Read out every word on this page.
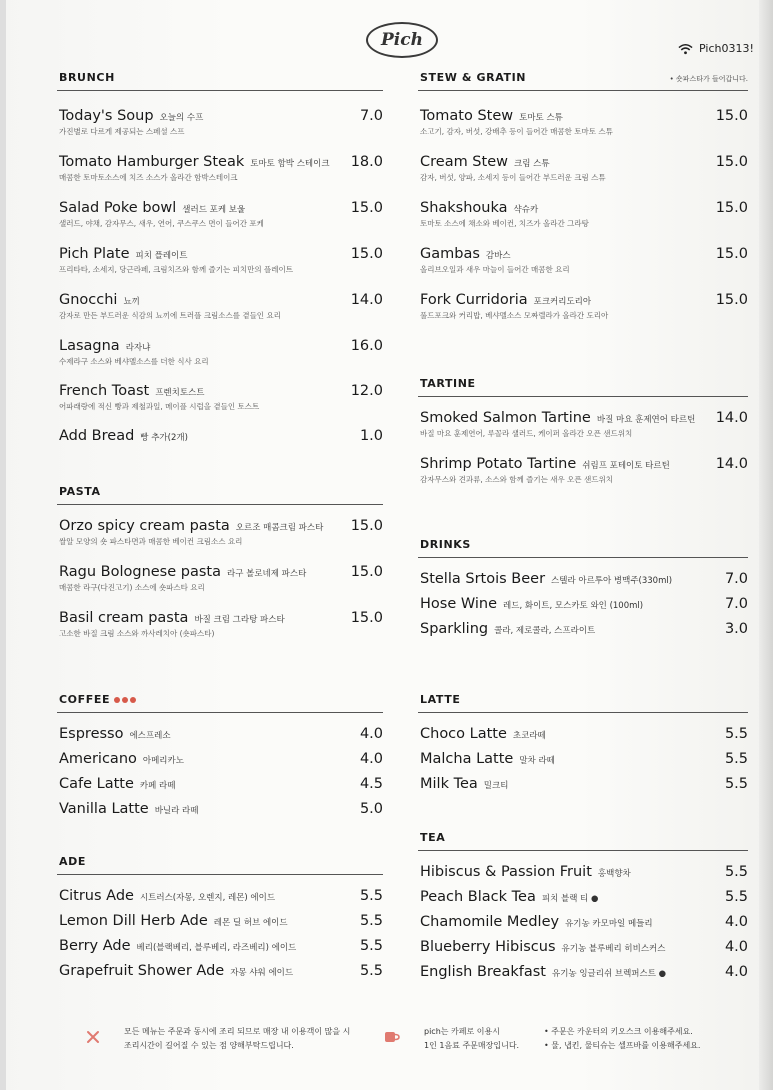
Pich	Pich0313!
BRUNCH
Today's Soup 오늘의 수프	7.0
가진별로 다르게 제공되는 스페셜 스프
Tomato Hamburger Steak 토마토 함박 스테이크 18.0
매콤한 토마토소스에 치즈 소스가 올라간 함박스테이크
Salad Poke bowl 샐러드 포케 보울	15.0
샐러드, 야채, 감자무스, 새우, 연어, 쿠스쿠스 면이 들어간 포케
Pich Plate 피치 플레이트	15.0
프리타타, 소세지, 당근라페, 크림치즈와 함께 즐기는 피치만의 플레이트
Gnocchi 뇨끼	14.0
감자로 만든 부드러운 식감의 뇨끼에 트러플 크림소스를 곁들인 요리
Lasagna 라자냐	16.0
수제라구 소스와 베샤멜소스를 더한 식사 요리
French Toast 프렌치토스트	12.0
어파래랑에 적신 빵과 제철과일, 메이플 시럽을 곁들인 토스트
Add Bread 빵 추가(2개)	1.0
PASTA
Orzo spicy cream pasta 오르조 매콤크림 파스타 15.0
쌀알 모양의 숏 파스타면과 매콤한 베이컨 크림소스 요리
Ragu Bolognese pasta 라구 볼로네제 파스타	15.0
매콤한 라구(다진고기) 소스에 숏파스타 요리
Basil cream pasta 바질 크림 그라탕 파스타	15.0
고소한 바질 크림 소스와 까사레치아 (숏파스타)
COFFEE
Espresso 에스프레소	4.0
Americano 아메리카노	4.0
Cafe Latte 카페 라떼	4.5
Vanilla Latte 바닐라 라떼	5.0
ADE
Citrus Ade 시트러스(자몽, 오렌지, 레몬) 에이드	5.5
Lemon Dill Herb Ade 레몬 딜 허브 에이드	5.5
Berry Ade 베리(블랙베리, 블루베리, 라즈베리) 에이드	5.5
Grapefruit Shower Ade 자몽 샤워 에이드	5.5
STEW & GRATIN	• 숏파스타가 들어갑니다.
Tomato Stew 토마토 스튜	15.0
소고기, 감자, 버섯, 강배추 등이 들어간 매콤한 토마토 스튜
Cream Stew 크림 스튜	15.0
감자, 버섯, 양파, 소세지 등이 들어간 부드러운 크림 스튜
Shakshouka 샥슈카	15.0
토마토 소스에 채소와 베이컨, 치즈가 올라간 그라탕
Gambas 감바스	15.0
올리브오일과 새우 마늘이 들어간 매콤한 요리
Fork Curridoria 포크커리도리아	15.0
풀드포크와 커리밥, 베샤멜소스 모짜렐라가 올라간 도리아
TARTINE
Smoked Salmon Tartine 바질 마요 훈제연어 타르틴 14.0
바질 마요 훈제연어, 루꼴라 샐러드, 케이퍼 올라간 오픈 샌드위치
Shrimp Potato Tartine 쉬림프 포테이토 타르틴	14.0
감자무스와 견과류, 소스와 함께 즐기는 새우 오픈 샌드위치
DRINKS
Stella Srtois Beer 스텔라 아르투아 병맥주(330ml)	7.0
Hose Wine 레드, 화이트, 모스카토 와인 (100ml)	7.0
Sparkling 콜라, 제로콜라, 스프라이트	3.0
LATTE
Choco Latte 초코라떼	5.5
Malcha Latte 말차 라떼	5.5
Milk Tea 밀크티	5.5
TEA
Hibiscus & Passion Fruit 홍백향차	5.5
Peach Black Tea 피치 블랙 티 ●	5.5
Chamomile Medley 유기농 카모마일 메들리	4.0
Blueberry Hibiscus 유기농 블루베리 히비스커스	4.0
English Breakfast 유기농 잉글리쉬 브렉퍼스트 ●	4.0
모든 메뉴는 주문과 동시에 조리 되므로 매장 내 이용객이 많을 시
조리시간이 길어질 수 있는 점 양해부탁드립니다.
pich는 카페로 이용시
1인 1음료 주문매장입니다.
• 주문은 카운터의 키오스크 이용해주세요.
• 물, 냅킨, 물티슈는 셀프바를 이용해주세요.
